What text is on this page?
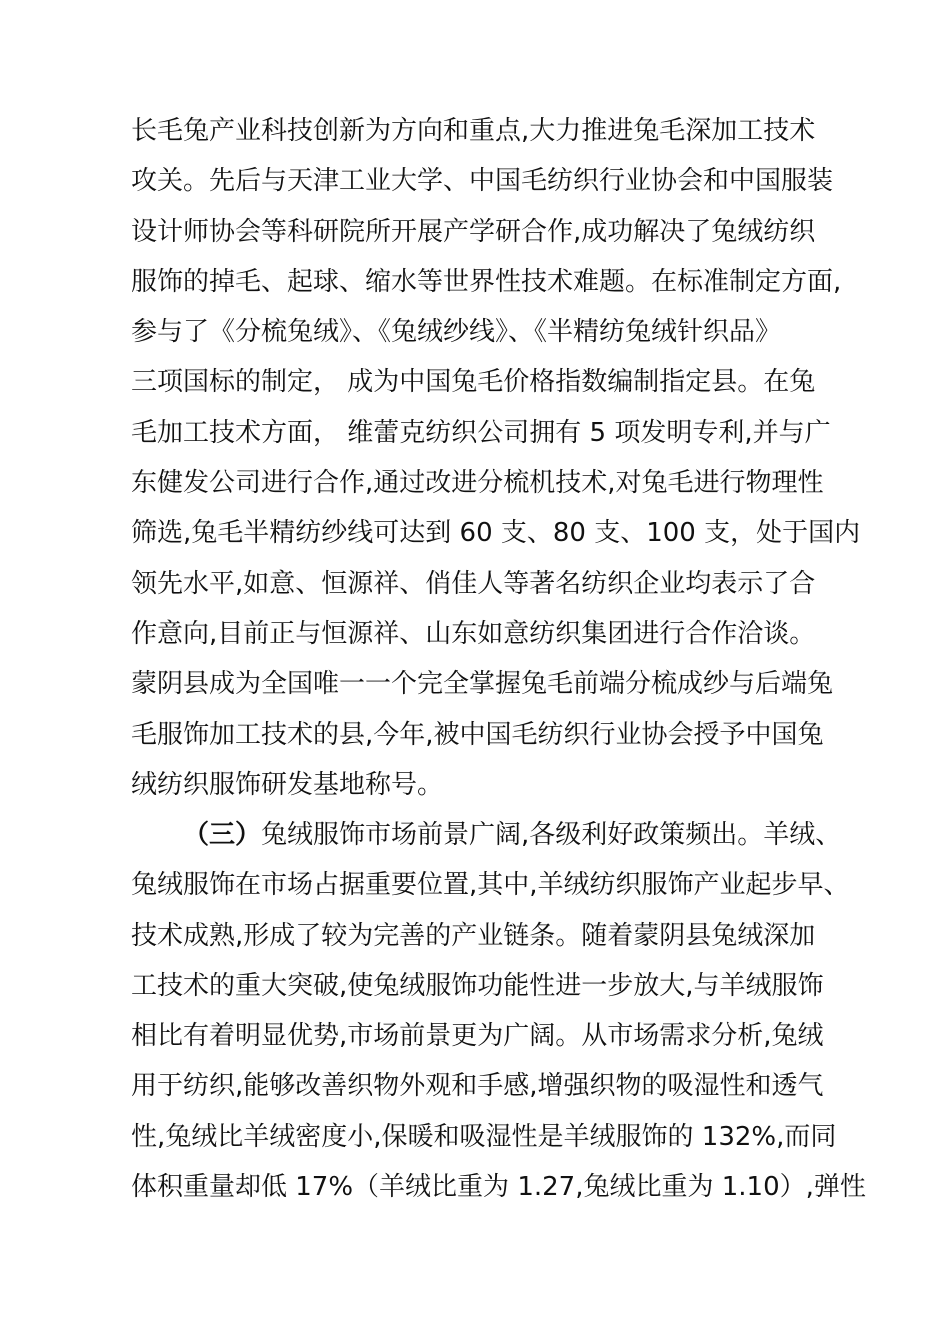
长毛兔产业科技创新为方向和重点,大力推进兔毛深加工技术
攻关。先后与天津工业大学、中国毛纺织行业协会和中国服装
设计师协会等科研院所开展产学研合作,成功解决了兔绒纺织
服饰的掉毛、起球、缩水等世界性技术难题。在标准制定方面,
参与了《分梳兔绒》、《兔绒纱线》、《半精纺兔绒针织品》
三项国标的制定， 成为中国兔毛价格指数编制指定县。在兔
毛加工技术方面， 维蕾克纺织公司拥有 5 项发明专利,并与广
东健发公司进行合作,通过改进分梳机技术,对兔毛进行物理性
筛选,兔毛半精纺纱线可达到 60 支、80 支、100 支，处于国内
领先水平,如意、恒源祥、俏佳人等著名纺织企业均表示了合
作意向,目前正与恒源祥、山东如意纺织集团进行合作洽谈。
蒙阴县成为全国唯一一个完全掌握兔毛前端分梳成纱与后端兔
毛服饰加工技术的县,今年,被中国毛纺织行业协会授予中国兔
绒纺织服饰研发基地称号。
（三）兔绒服饰市场前景广阔,各级利好政策频出。羊绒、
兔绒服饰在市场占据重要位置,其中,羊绒纺织服饰产业起步早、
技术成熟,形成了较为完善的产业链条。随着蒙阴县兔绒深加
工技术的重大突破,使兔绒服饰功能性进一步放大,与羊绒服饰
相比有着明显优势,市场前景更为广阔。从市场需求分析,兔绒
用于纺织,能够改善织物外观和手感,增强织物的吸湿性和透气
性,兔绒比羊绒密度小,保暖和吸湿性是羊绒服饰的 132%,而同
体积重量却低 17%（羊绒比重为 1.27,兔绒比重为 1.10）,弹性
